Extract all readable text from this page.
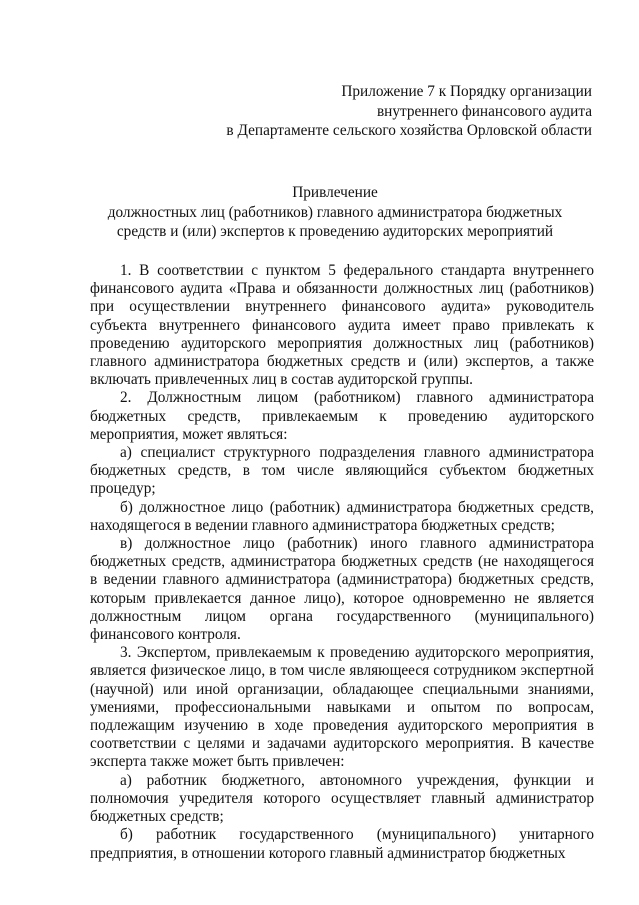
Приложение 7 к Порядку организации
внутреннего финансового аудита
в Департаменте сельского хозяйства Орловской области
Привлечение
должностных лиц (работников) главного администратора бюджетных
средств и (или) экспертов к проведению аудиторских мероприятий

1. В соответствии с пунктом 5 федерального стандарта внутреннего финансового аудита «Права и обязанности должностных лиц (работников) при осуществлении внутреннего финансового аудита» руководитель субъекта внутреннего финансового аудита имеет право привлекать к проведению аудиторского мероприятия должностных лиц (работников) главного администратора бюджетных средств и (или) экспертов, а также включать привлеченных лиц в состав аудиторской группы.

2. Должностным лицом (работником) главного администратора бюджетных средств, привлекаемым к проведению аудиторского мероприятия, может являться:

а) специалист структурного подразделения главного администратора бюджетных средств, в том числе являющийся субъектом бюджетных процедур;

б) должностное лицо (работник) администратора бюджетных средств, находящегося в ведении главного администратора бюджетных средств;

в) должностное лицо (работник) иного главного администратора бюджетных средств, администратора бюджетных средств (не находящегося в ведении главного администратора (администратора) бюджетных средств, которым привлекается данное лицо), которое одновременно не является должностным лицом органа государственного (муниципального) финансового контроля.

3. Экспертом, привлекаемым к проведению аудиторского мероприятия, является физическое лицо, в том числе являющееся сотрудником экспертной (научной) или иной организации, обладающее специальными знаниями, умениями, профессиональными навыками и опытом по вопросам, подлежащим изучению в ходе проведения аудиторского мероприятия в соответствии с целями и задачами аудиторского мероприятия. В качестве эксперта также может быть привлечен:

а) работник бюджетного, автономного учреждения, функции и полномочия учредителя которого осуществляет главный администратор бюджетных средств;

б) работник государственного (муниципального) унитарного предприятия, в отношении которого главный администратор бюджетных
